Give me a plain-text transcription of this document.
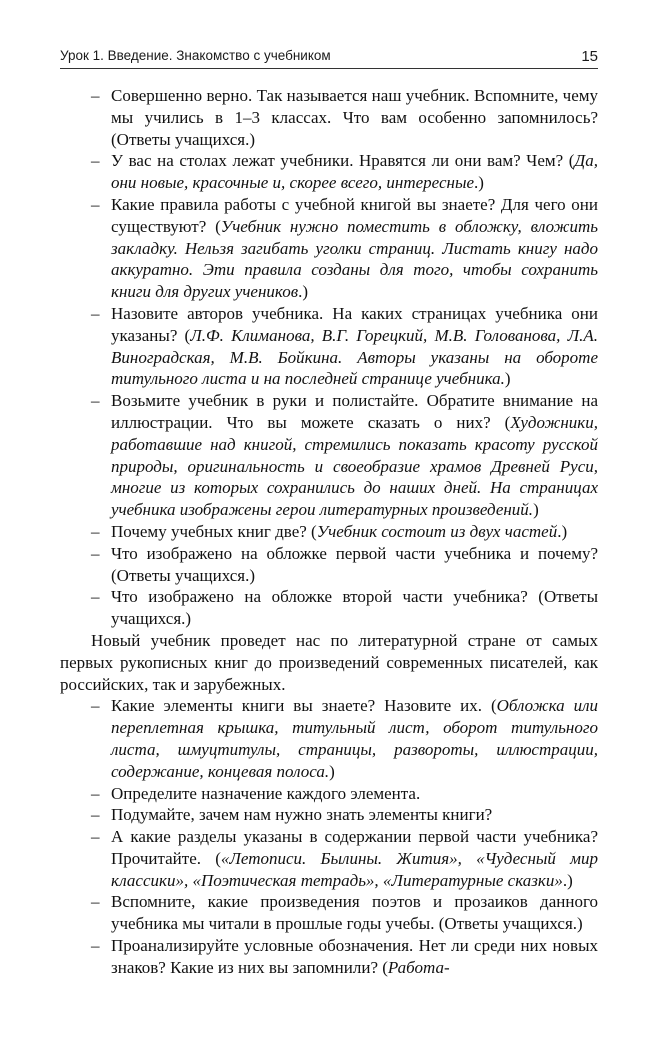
Урок 1. Введение. Знакомство с учебником	15
– Совершенно верно. Так называется наш учебник. Вспомните, чему мы учились в 1–3 классах. Что вам особенно запомнилось? (Ответы учащихся.)
– У вас на столах лежат учебники. Нравятся ли они вам? Чем? (Да, они новые, красочные и, скорее всего, интересные.)
– Какие правила работы с учебной книгой вы знаете? Для чего они существуют? (Учебник нужно поместить в обложку, вложить закладку. Нельзя загибать уголки страниц. Листать книгу надо аккуратно. Эти правила созданы для того, чтобы сохранить книги для других учеников.)
– Назовите авторов учебника. На каких страницах учебника они указаны? (Л.Ф. Климанова, В.Г. Горецкий, М.В. Голованова, Л.А. Виноградская, М.В. Бойкина. Авторы указаны на обороте титульного листа и на последней странице учебника.)
– Возьмите учебник в руки и полистайте. Обратите внимание на иллюстрации. Что вы можете сказать о них? (Художники, работавшие над книгой, стремились показать красоту русской природы, оригинальность и своеобразие храмов Древней Руси, многие из которых сохранились до наших дней. На страницах учебника изображены герои литературных произведений.)
– Почему учебных книг две? (Учебник состоит из двух частей.)
– Что изображено на обложке первой части учебника и почему? (Ответы учащихся.)
– Что изображено на обложке второй части учебника? (Ответы учащихся.)
Новый учебник проведет нас по литературной стране от самых первых рукописных книг до произведений современных писателей, как российских, так и зарубежных.
– Какие элементы книги вы знаете? Назовите их. (Обложка или переплетная крышка, титульный лист, оборот титульного листа, шмуцтитулы, страницы, развороты, иллюстрации, содержание, концевая полоса.)
– Определите назначение каждого элемента.
– Подумайте, зачем нам нужно знать элементы книги?
– А какие разделы указаны в содержании первой части учебника? Прочитайте. («Летописи. Былины. Жития», «Чудесный мир классики», «Поэтическая тетрадь», «Литературные сказки».)
– Вспомните, какие произведения поэтов и прозаиков данного учебника мы читали в прошлые годы учебы. (Ответы учащихся.)
– Проанализируйте условные обозначения. Нет ли среди них новых знаков? Какие из них вы запомнили? (Работа-
